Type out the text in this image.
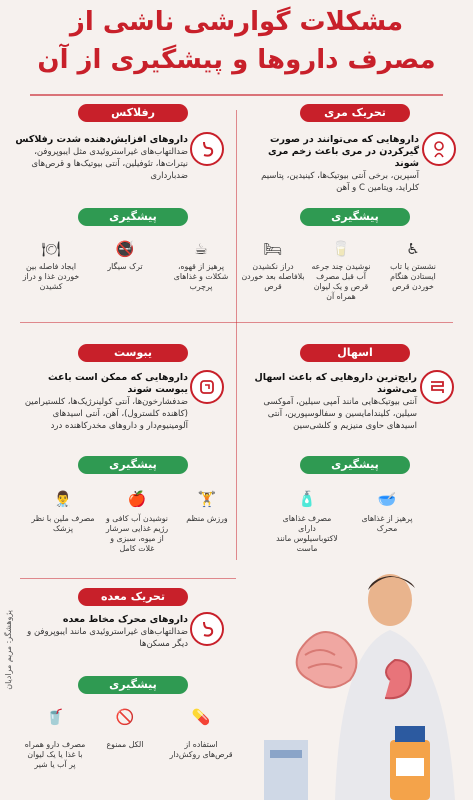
مشکلات گوارشی ناشی از
مصرف داروها و پیشگیری از آن
تحریک مری
داروهایی که می‌توانند در صورت گیرکردن در مری باعث زخم مری شوند
آسپرین، برخی آنتی بیوتیک‌ها، کینیدین، پتاسیم کلراید، ویتامین C و آهن
پیشگیری
♿
نشستن یا تاب ایستادن هنگام خوردن قرص
🥛
نوشیدن چند جرعه آب قبل مصرف قرص و یک لیوان همراه آن
🛏
دراز نکشیدن بلافاصله بعد خوردن قرص
رفلاکس
داروهای افزایش‌دهنده شدت رفلاکس
ضدالتهاب‌های غیراستروئیدی مثل ایبوپروفن، نیترات‌ها، تئوفیلین، آنتی بیوتیک‌ها و قرص‌های ضدبارداری
پیشگیری
☕
پرهیز از قهوه، شکلات و غذاهای پرچرب
🚭
ترک سیگار
🍽
ایجاد فاصله بین خوردن غذا و دراز کشیدن
اسهال
رایج‌ترین داروهایی که باعث اسهال می‌شوند
آنتی بیوتیک‌هایی مانند آمپی سیلین، آموکسی سیلین، کلیندامایسین و سفالوسپورین، آنتی اسیدهای حاوی منیزیم و کلشی‌سین
پیشگیری
🥣
پرهیز از غذاهای محرک
🧴
مصرف غذاهای دارای لاکتوباسیلوس مانند ماست
یبوست
داروهایی که ممکن است باعث یبوست شوند
ضدفشارخون‌ها، آنتی کولینرژیک‌ها، کلستیرامین (کاهنده کلسترول)، آهن، آنتی اسیدهای آلومینیوم‌دار و داروهای مخدرکاهنده درد
پیشگیری
🏋
ورزش منظم
🍎
نوشیدن آب کافی و رژیم غذایی سرشار از میوه، سبزی و غلات کامل
👨‍⚕
مصرف ملین با نظر پزشک
تحریک معده
داروهای محرک مخاط معده
ضدالتهاب‌های غیراستروئیدی مانند ایبوپروفن و دیگر مسکن‌ها
پیشگیری
💊
استفاده از قرص‌های روکش‌دار
🚫
الکل ممنوع
🥤
مصرف دارو همراه با غذا یا یک لیوان پر آب یا شیر
پژوهشگر: مریم مرادیان
